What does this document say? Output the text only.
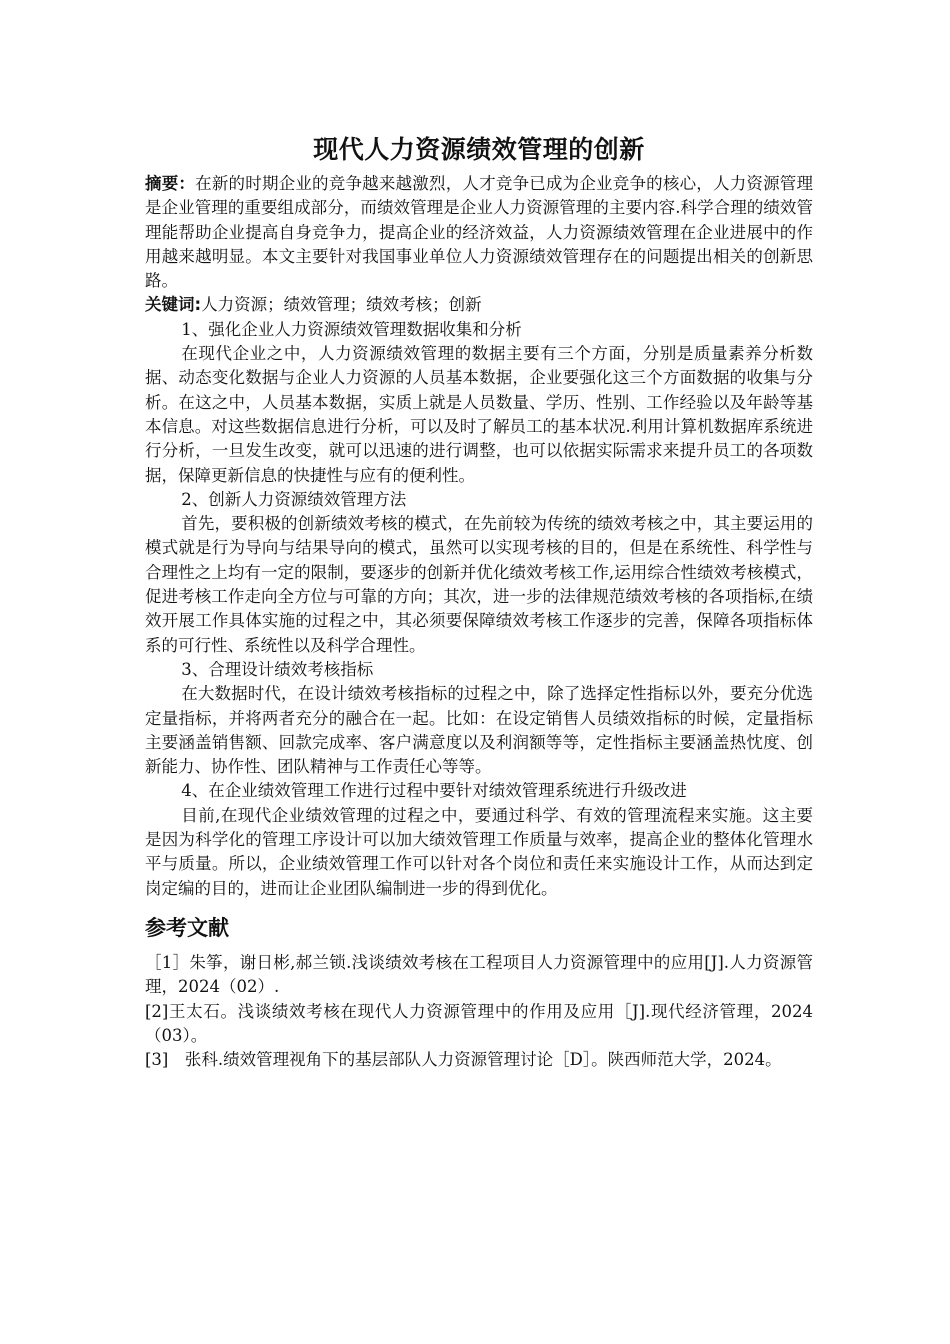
现代人力资源绩效管理的创新

摘要：在新的时期企业的竞争越来越激烈，人才竞争已成为企业竞争的核心，人力资源管理是企业管理的重要组成部分，而绩效管理是企业人力资源管理的主要内容.科学合理的绩效管理能帮助企业提高自身竞争力，提高企业的经济效益，人力资源绩效管理在企业进展中的作用越来越明显。本文主要针对我国事业单位人力资源绩效管理存在的问题提出相关的创新思路。

关键词:人力资源；绩效管理；绩效考核；创新

1、强化企业人力资源绩效管理数据收集和分析

在现代企业之中，人力资源绩效管理的数据主要有三个方面，分别是质量素养分析数据、动态变化数据与企业人力资源的人员基本数据，企业要强化这三个方面数据的收集与分析。在这之中，人员基本数据，实质上就是人员数量、学历、性别、工作经验以及年龄等基本信息。对这些数据信息进行分析，可以及时了解员工的基本状况.利用计算机数据库系统进行分析，一旦发生改变，就可以迅速的进行调整，也可以依据实际需求来提升员工的各项数据，保障更新信息的快捷性与应有的便利性。

2、创新人力资源绩效管理方法

首先，要积极的创新绩效考核的模式，在先前较为传统的绩效考核之中，其主要运用的模式就是行为导向与结果导向的模式，虽然可以实现考核的目的，但是在系统性、科学性与合理性之上均有一定的限制，要逐步的创新并优化绩效考核工作,运用综合性绩效考核模式，促进考核工作走向全方位与可靠的方向；其次，进一步的法律规范绩效考核的各项指标,在绩效开展工作具体实施的过程之中，其必须要保障绩效考核工作逐步的完善，保障各项指标体系的可行性、系统性以及科学合理性。

3、合理设计绩效考核指标

在大数据时代，在设计绩效考核指标的过程之中，除了选择定性指标以外，要充分优选定量指标，并将两者充分的融合在一起。比如：在设定销售人员绩效指标的时候，定量指标主要涵盖销售额、回款完成率、客户满意度以及利润额等等，定性指标主要涵盖热忱度、创新能力、协作性、团队精神与工作责任心等等。

4、在企业绩效管理工作进行过程中要针对绩效管理系统进行升级改进

目前,在现代企业绩效管理的过程之中，要通过科学、有效的管理流程来实施。这主要是因为科学化的管理工序设计可以加大绩效管理工作质量与效率，提高企业的整体化管理水平与质量。所以，企业绩效管理工作可以针对各个岗位和责任来实施设计工作，从而达到定岗定编的目的，进而让企业团队编制进一步的得到优化。

参考文献

［1］朱筝，谢日彬,郝兰锁.浅谈绩效考核在工程项目人力资源管理中的应用[J].人力资源管理，2024（02）.

[2]王太石。浅谈绩效考核在现代人力资源管理中的作用及应用［J].现代经济管理，2024 （03）。

[3]　张科.绩效管理视角下的基层部队人力资源管理讨论［D］。陕西师范大学，2024。
